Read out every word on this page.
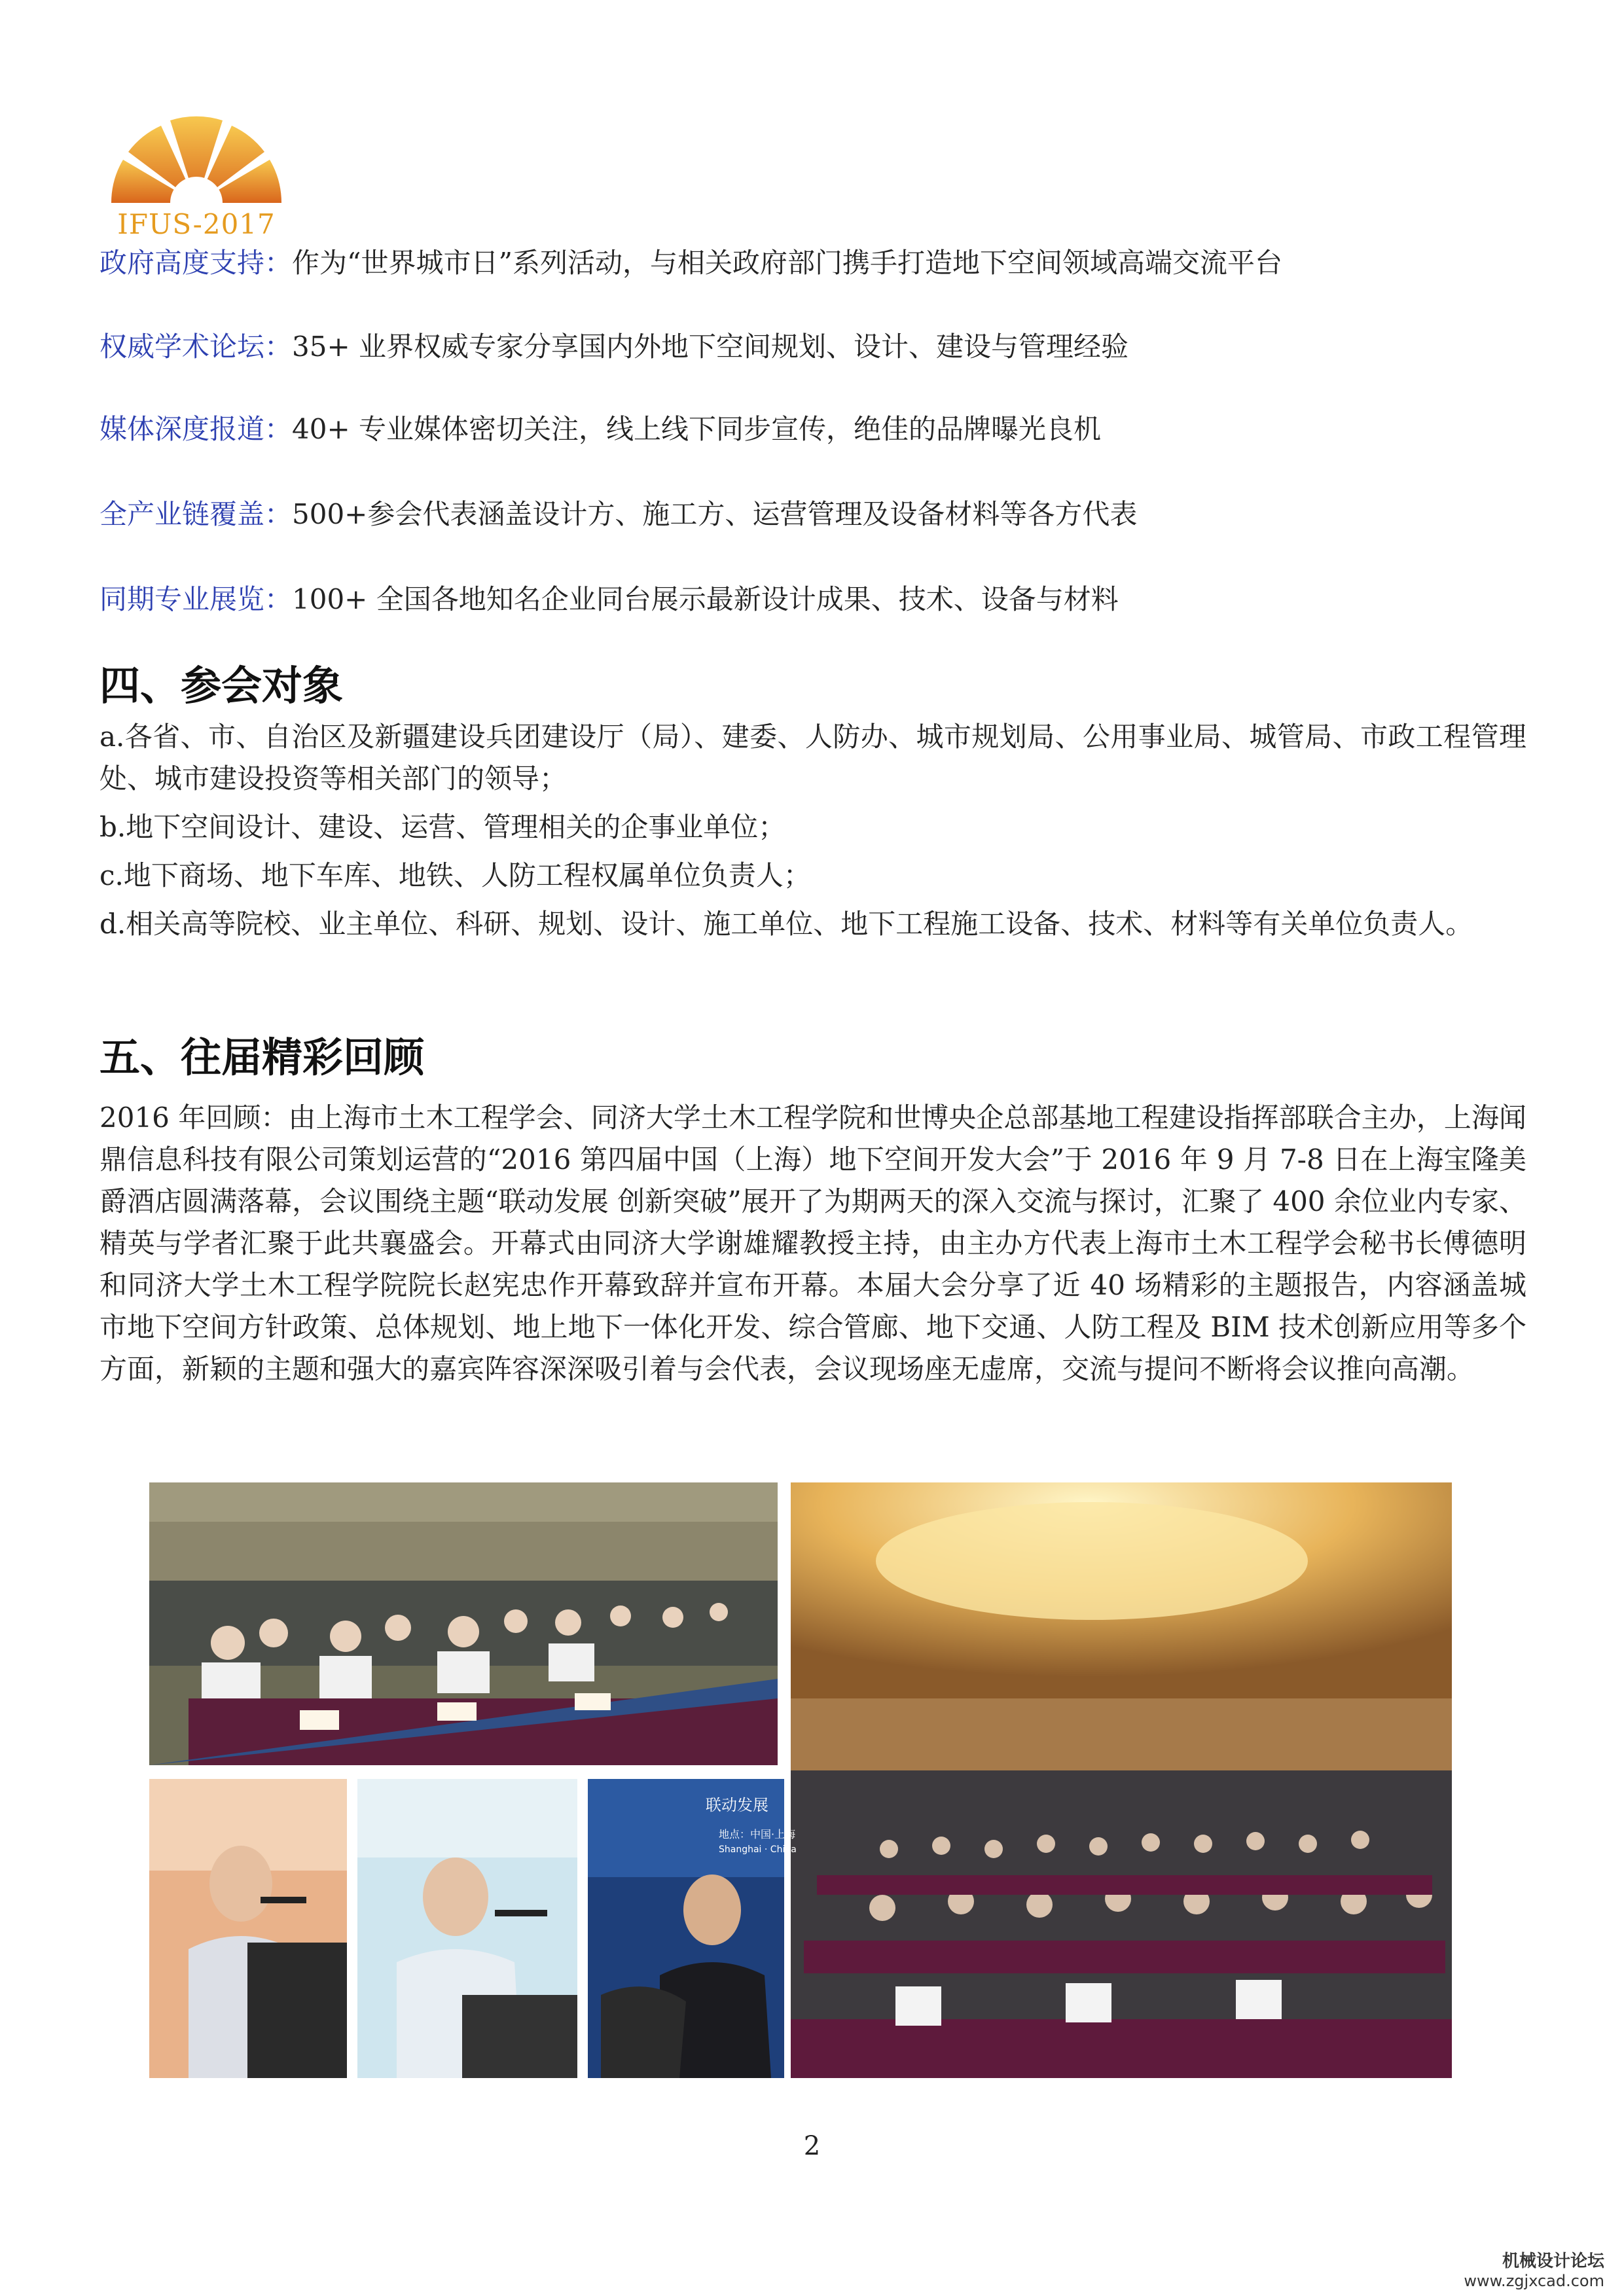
IFUS-2017
政府高度支持：作为“世界城市日”系列活动，与相关政府部门携手打造地下空间领域高端交流平台
权威学术论坛：35+ 业界权威专家分享国内外地下空间规划、设计、建设与管理经验
媒体深度报道：40+ 专业媒体密切关注，线上线下同步宣传，绝佳的品牌曝光良机
全产业链覆盖：500+参会代表涵盖设计方、施工方、运营管理及设备材料等各方代表
同期专业展览：100+ 全国各地知名企业同台展示最新设计成果、技术、设备与材料
四、参会对象
a.各省、市、自治区及新疆建设兵团建设厅（局）、建委、人防办、城市规划局、公用事业局、城管局、市政工程管理处、城市建设投资等相关部门的领导；
b.地下空间设计、建设、运营、管理相关的企事业单位；
c.地下商场、地下车库、地铁、人防工程权属单位负责人；
d.相关高等院校、业主单位、科研、规划、设计、施工单位、地下工程施工设备、技术、材料等有关单位负责人。
五、往届精彩回顾
2016 年回顾：由上海市土木工程学会、同济大学土木工程学院和世博央企总部基地工程建设指挥部联合主办，上海闻鼎信息科技有限公司策划运营的“2016 第四届中国（上海）地下空间开发大会”于 2016 年 9 月 7-8 日在上海宝隆美爵酒店圆满落幕，会议围绕主题“联动发展 创新突破”展开了为期两天的深入交流与探讨，汇聚了 400 余位业内专家、精英与学者汇聚于此共襄盛会。开幕式由同济大学谢雄耀教授主持，由主办方代表上海市土木工程学会秘书长傅德明和同济大学土木工程学院院长赵宪忠作开幕致辞并宣布开幕。本届大会分享了近 40 场精彩的主题报告，内容涵盖城市地下空间方针政策、总体规划、地上地下一体化开发、综合管廊、地下交通、人防工程及 BIM 技术创新应用等多个方面，新颖的主题和强大的嘉宾阵容深深吸引着与会代表，会议现场座无虚席，交流与提问不断将会议推向高潮。
联动发展
地点：中国·上海
Shanghai · China
2
机械设计论坛
www.zgjxcad.com
